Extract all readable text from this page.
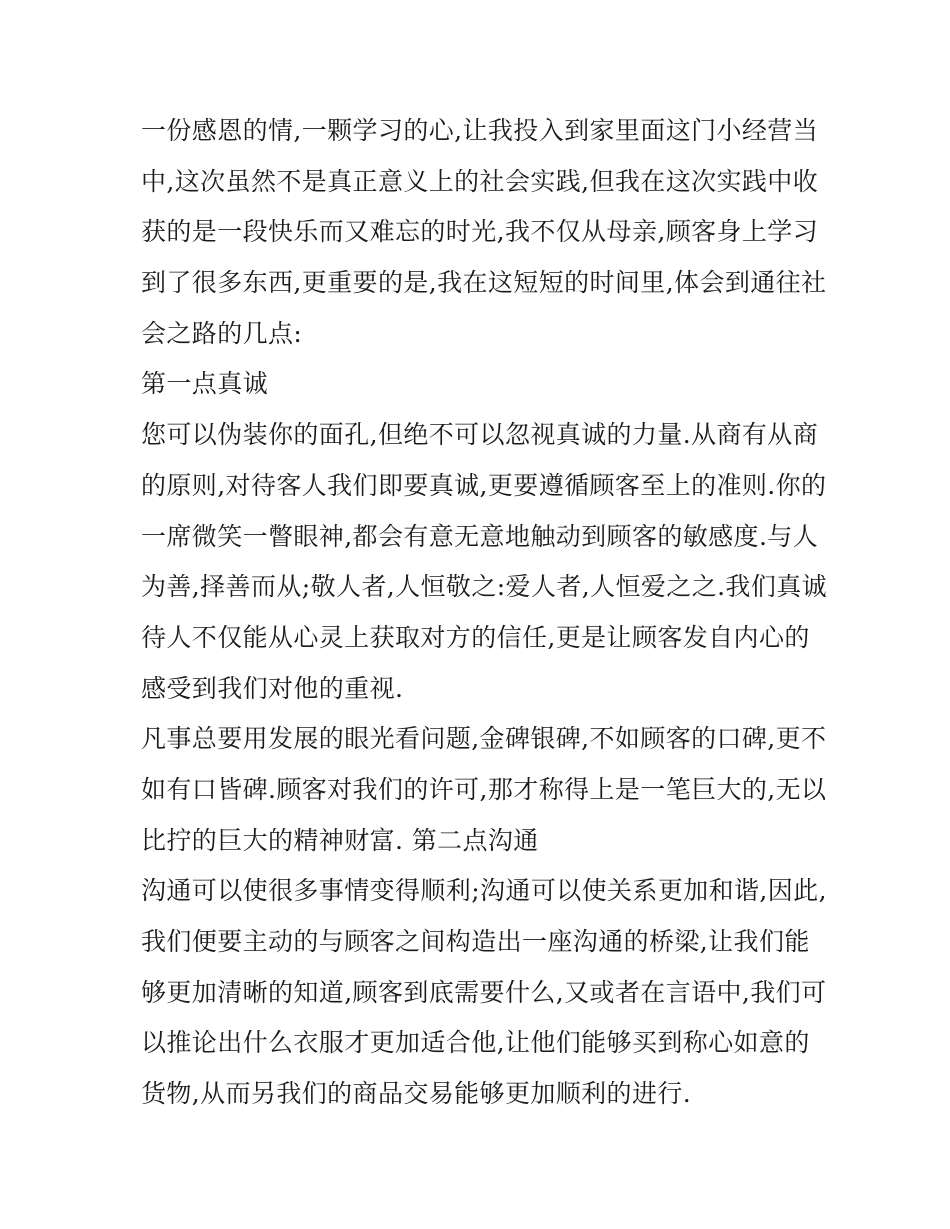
一份感恩的情,一颗学习的心,让我投入到家里面这门小经营当
中,这次虽然不是真正意义上的社会实践,但我在这次实践中收
获的是一段快乐而又难忘的时光,我不仅从母亲,顾客身上学习
到了很多东西,更重要的是,我在这短短的时间里,体会到通往社
会之路的几点:
第一点真诚
您可以伪装你的面孔,但绝不可以忽视真诚的力量.从商有从商
的原则,对待客人我们即要真诚,更要遵循顾客至上的准则.你的
一席微笑一瞥眼神,都会有意无意地触动到顾客的敏感度.与人
为善,择善而从;敬人者,人恒敬之:爱人者,人恒爱之之.我们真诚
待人不仅能从心灵上获取对方的信任,更是让顾客发自内心的
感受到我们对他的重视.
凡事总要用发展的眼光看问题,金碑银碑,不如顾客的口碑,更不
如有口皆碑.顾客对我们的许可,那才称得上是一笔巨大的,无以
比拧的巨大的精神财富. 第二点沟通
沟通可以使很多事情变得顺利;沟通可以使关系更加和谐,因此,
我们便要主动的与顾客之间构造出一座沟通的桥梁,让我们能
够更加清晰的知道,顾客到底需要什么,又或者在言语中,我们可
以推论出什么衣服才更加适合他,让他们能够买到称心如意的
货物,从而另我们的商品交易能够更加顺利的进行.
